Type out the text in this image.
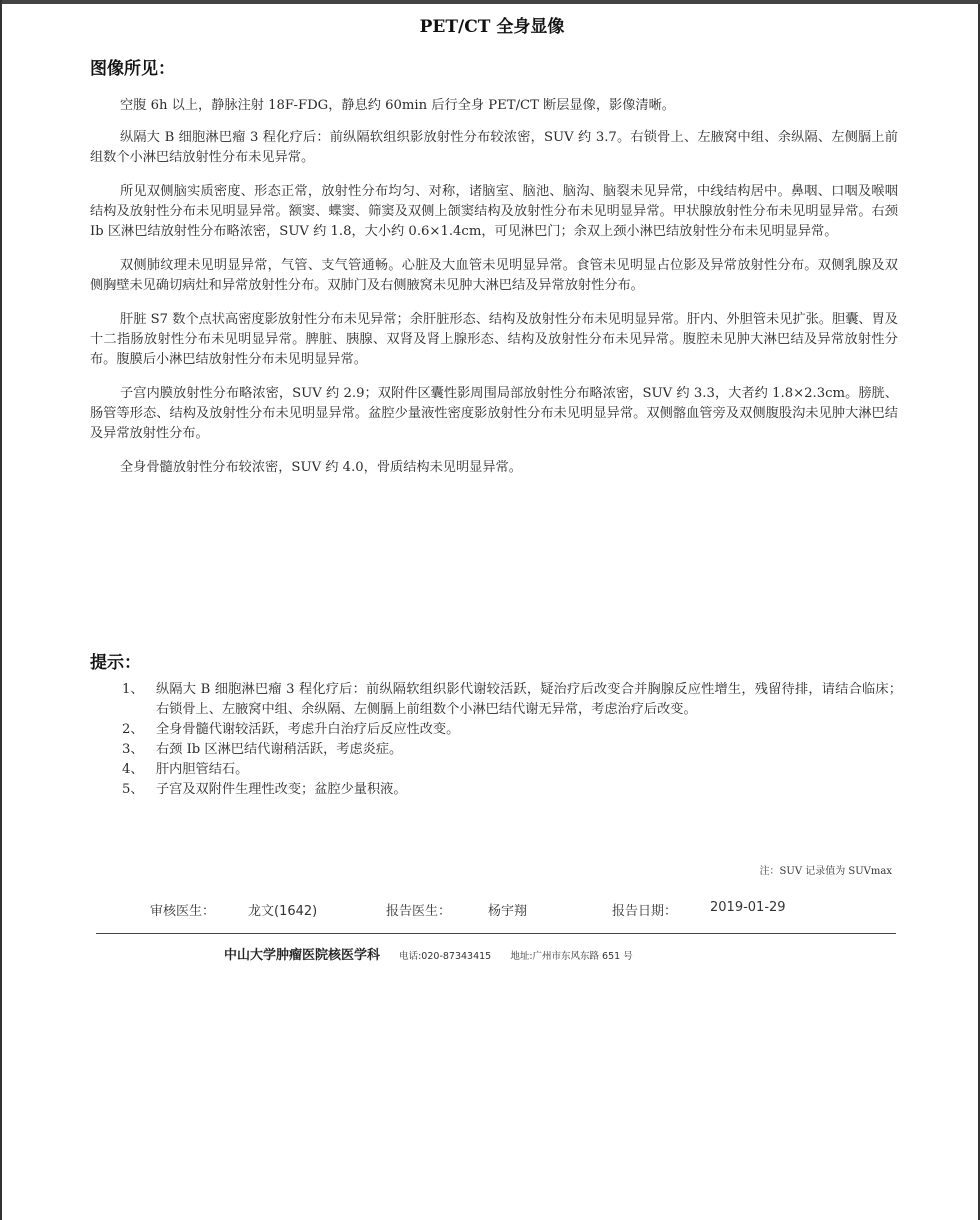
PET/CT 全身显像
图像所见：

空腹 6h 以上，静脉注射 18F-FDG，静息约 60min 后行全身 PET/CT 断层显像，影像清晰。

纵隔大 B 细胞淋巴瘤 3 程化疗后：前纵隔软组织影放射性分布较浓密，SUV 约 3.7。右锁骨上、左腋窝中组、余纵隔、左侧膈上前组数个小淋巴结放射性分布未见异常。

所见双侧脑实质密度、形态正常，放射性分布均匀、对称，诸脑室、脑池、脑沟、脑裂未见异常，中线结构居中。鼻咽、口咽及喉咽结构及放射性分布未见明显异常。额窦、蝶窦、筛窦及双侧上颌窦结构及放射性分布未见明显异常。甲状腺放射性分布未见明显异常。右颈 Ib 区淋巴结放射性分布略浓密，SUV 约 1.8，大小约 0.6×1.4cm，可见淋巴门；余双上颈小淋巴结放射性分布未见明显异常。

双侧肺纹理未见明显异常，气管、支气管通畅。心脏及大血管未见明显异常。食管未见明显占位影及异常放射性分布。双侧乳腺及双侧胸壁未见确切病灶和异常放射性分布。双肺门及右侧腋窝未见肿大淋巴结及异常放射性分布。

肝脏 S7 数个点状高密度影放射性分布未见异常；余肝脏形态、结构及放射性分布未见明显异常。肝内、外胆管未见扩张。胆囊、胃及十二指肠放射性分布未见明显异常。脾脏、胰腺、双肾及肾上腺形态、结构及放射性分布未见异常。腹腔未见肿大淋巴结及异常放射性分布。腹膜后小淋巴结放射性分布未见明显异常。

子宫内膜放射性分布略浓密，SUV 约 2.9；双附件区囊性影周围局部放射性分布略浓密，SUV 约 3.3，大者约 1.8×2.3cm。膀胱、肠管等形态、结构及放射性分布未见明显异常。盆腔少量液性密度影放射性分布未见明显异常。双侧髂血管旁及双侧腹股沟未见肿大淋巴结及异常放射性分布。

全身骨髓放射性分布较浓密，SUV 约 4.0，骨质结构未见明显异常。

提示：
1、 纵隔大 B 细胞淋巴瘤 3 程化疗后：前纵隔软组织影代谢较活跃，疑治疗后改变合并胸腺反应性增生，残留待排，请结合临床；右锁骨上、左腋窝中组、余纵隔、左侧膈上前组数个小淋巴结代谢无异常，考虑治疗后改变。
2、 全身骨髓代谢较活跃，考虑升白治疗后反应性改变。
3、 右颈 Ib 区淋巴结代谢稍活跃，考虑炎症。
4、 肝内胆管结石。
5、 子宫及双附件生理性改变；盆腔少量积液。
注：SUV 记录值为 SUVmax
审核医生：	龙文(1642)	报告医生：	杨宇翔	报告日期：	2019-01-29
中山大学肿瘤医院核医学科 电话:020-87343415 地址:广州市东风东路 651 号
